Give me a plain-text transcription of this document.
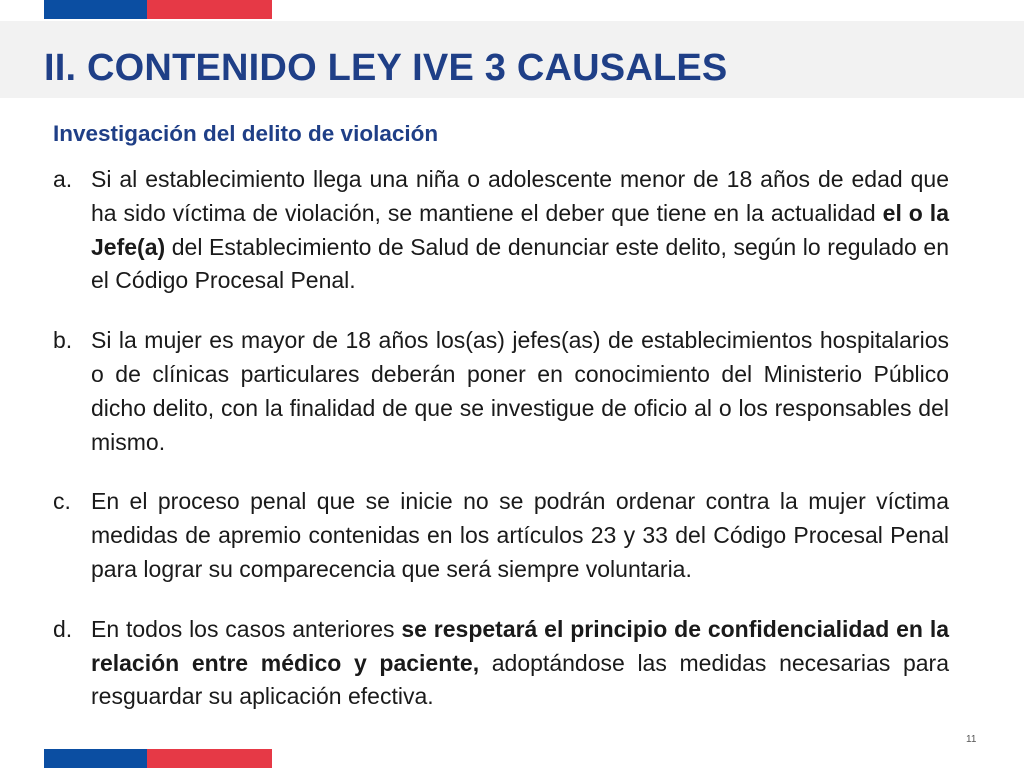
II. CONTENIDO LEY IVE 3 CAUSALES
Investigación del delito de violación
a. Si al establecimiento llega una niña o adolescente menor de 18 años de edad que ha sido víctima de violación, se mantiene el deber que tiene en la actualidad el o la Jefe(a) del Establecimiento de Salud de denunciar este delito, según lo regulado en el Código Procesal Penal.
b. Si la mujer es mayor de 18 años los(as) jefes(as) de establecimientos hospitalarios o de clínicas particulares deberán poner en conocimiento del Ministerio Público dicho delito, con la finalidad de que se investigue de oficio al o los responsables del mismo.
c. En el proceso penal que se inicie no se podrán ordenar contra la mujer víctima medidas de apremio contenidas en los artículos 23 y 33 del Código Procesal Penal para lograr su comparecencia que será siempre voluntaria.
d. En todos los casos anteriores se respetará el principio de confidencialidad en la relación entre médico y paciente, adoptándose las medidas necesarias para resguardar su aplicación efectiva.
11
